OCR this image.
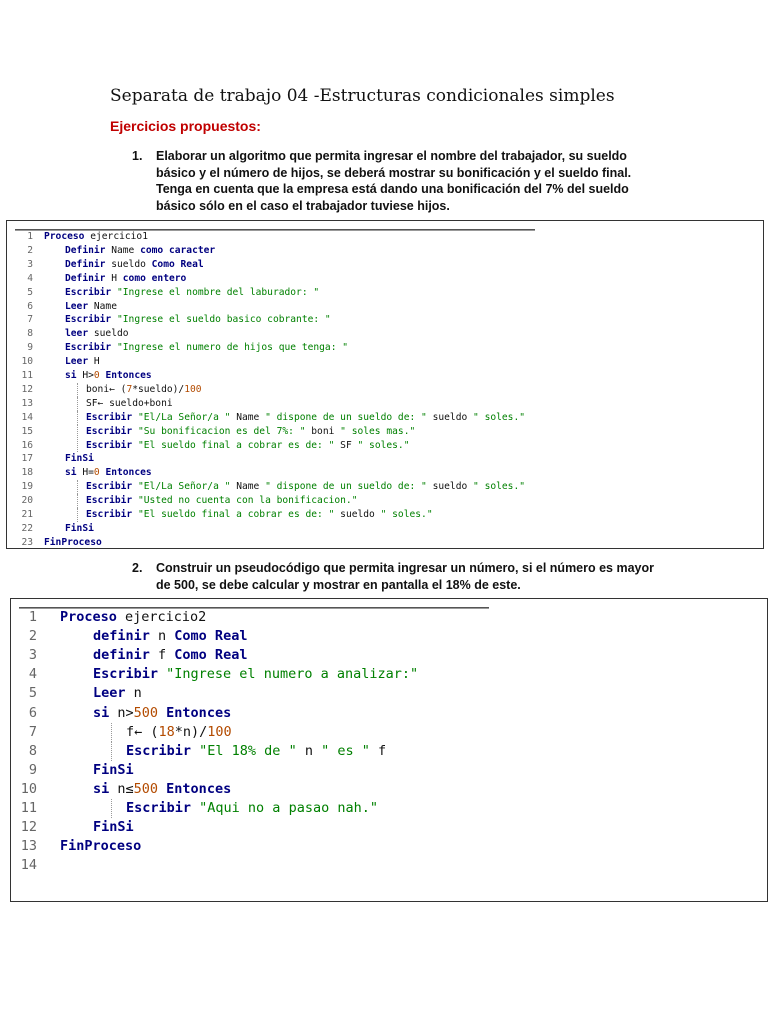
Separata de trabajo 04 -Estructuras condicionales simples
Ejercicios propuestos:
1. Elaborar un algoritmo que permita ingresar el nombre del trabajador, su sueldo
básico y el número de hijos, se deberá mostrar su bonificación y el sueldo final.
Tenga en cuenta que la empresa está dando una bonificación del 7% del sueldo
básico sólo en el caso el trabajador tuviese hijos.
1 Proceso ejercicio1
2	Definir Name como caracter
3	Definir sueldo Como Real
4	Definir H como entero
5	Escribir "Ingrese el nombre del laburador: "
6	Leer Name
7	Escribir "Ingrese el sueldo basico cobrante: "
8	leer sueldo
9	Escribir "Ingrese el numero de hijos que tenga: "
10	Leer H
11	si H>0 Entonces
12	boni← (7*sueldo)/100
13	SF← sueldo+boni
14	Escribir "El/La Señor/a " Name " dispone de un sueldo de: " sueldo " soles."
15	Escribir "Su bonificacion es del 7%: " boni " soles mas."
16	Escribir "El sueldo final a cobrar es de: " SF " soles."
17	FinSi
18	si H=0 Entonces
19	Escribir "El/La Señor/a " Name " dispone de un sueldo de: " sueldo " soles."
20	Escribir "Usted no cuenta con la bonificacion."
21	Escribir "El sueldo final a cobrar es de: " sueldo " soles."
22	FinSi
23 FinProceso
2. Construir un pseudocódigo que permita ingresar un número, si el número es mayor
de 500, se debe calcular y mostrar en pantalla el 18% de este.
1 Proceso ejercicio2
2	definir n Como Real
3	definir f Como Real
4	Escribir "Ingrese el numero a analizar:"
5	Leer n
6	si n>500 Entonces
7	f← (18*n)/100
8	Escribir "El 18% de " n " es " f
9	FinSi
10	si n≤500 Entonces
11	Escribir "Aqui no a pasao nah."
12	FinSi
13 FinProceso
14
